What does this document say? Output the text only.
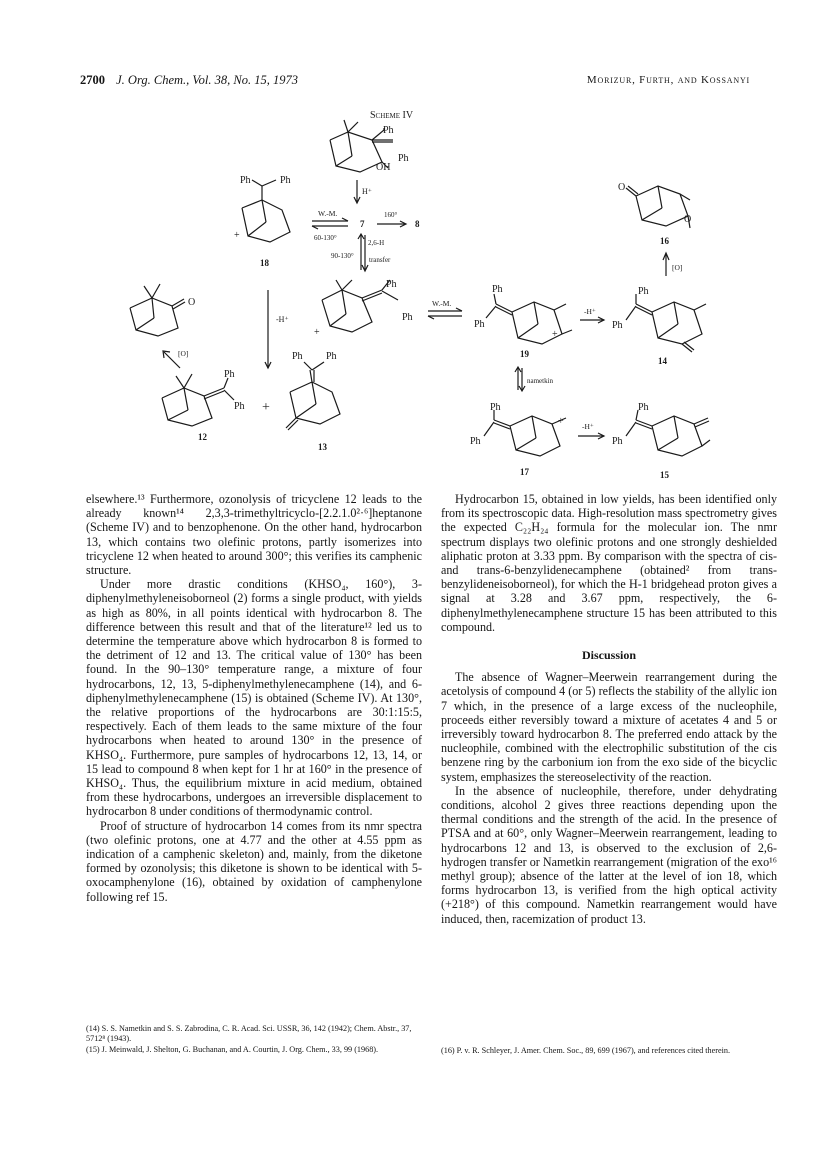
2700 J. Org. Chem., Vol. 38, No. 15, 1973	Morizur, Furth, and Kossanyi
Scheme IV
Ph
Ph
OH
H⁺
Ph	Ph
+
18
W.-M.
60-130°
7
160°
8
2,6-H
transfer
90-130°
Ph
Ph
+
-H⁺
O
[O]
Ph
Ph
12
+
Ph Ph
13
W.-M.
Ph
Ph
+
19
-H⁺
Ph
Ph
14
[O]
O
O
16
nametkin
Ph
Ph
+
17
-H⁺
Ph
Ph
15

elsewhere.¹³ Furthermore, ozonolysis of tricyclene 12 leads to the already known¹⁴ 2,3,3-trimethyltricyclo-[2.2.1.0²·⁶]heptanone (Scheme IV) and to benzophenone. On the other hand, hydrocarbon 13, which contains two olefinic protons, partly isomerizes into tricyclene 12 when heated to around 300°; this verifies its camphenic structure.

Under more drastic conditions (KHSO₄, 160°), 3-diphenylmethyleneisoborneol (2) forms a single product, with yields as high as 80%, in all points identical with hydrocarbon 8. The difference between this result and that of the literature¹² led us to determine the temperature above which hydrocarbon 8 is formed to the detriment of 12 and 13. The critical value of 130° has been found. In the 90–130° temperature range, a mixture of four hydrocarbons, 12, 13, 5-diphenylmethylenecamphene (14), and 6-diphenylmethylenecamphene (15) is obtained (Scheme IV). At 130°, the relative proportions of the hydrocarbons are 30:1:15:5, respectively. Each of them leads to the same mixture of the four hydrocarbons when heated to around 130° in the presence of KHSO₄. Furthermore, pure samples of hydrocarbons 12, 13, 14, or 15 lead to compound 8 when kept for 1 hr at 160° in the presence of KHSO₄. Thus, the equilibrium mixture in acid medium, obtained from these hydrocarbons, undergoes an irreversible displacement to hydrocarbon 8 under conditions of thermodynamic control.

Proof of structure of hydrocarbon 14 comes from its nmr spectra (two olefinic protons, one at 4.77 and the other at 4.55 ppm as indication of a camphenic skeleton) and, mainly, from the diketone formed by ozonolysis; this diketone is shown to be identical with 5-oxocamphenylone (16), obtained by oxidation of camphenylone following ref 15.

Hydrocarbon 15, obtained in low yields, has been identified only from its spectroscopic data. High-resolution mass spectrometry gives the expected C₂₂H₂₄ formula for the molecular ion. The nmr spectrum displays two olefinic protons and one strongly deshielded aliphatic proton at 3.33 ppm. By comparison with the spectra of cis- and trans-6-benzylidenecamphene (obtained² from trans-benzylideneisoborneol), for which the H-1 bridgehead proton gives a signal at 3.28 and 3.67 ppm, respectively, the 6-diphenylmethylenecamphene structure 15 has been attributed to this compound.

Discussion

The absence of Wagner–Meerwein rearrangement during the acetolysis of compound 4 (or 5) reflects the stability of the allylic ion 7 which, in the presence of a large excess of the nucleophile, proceeds either reversibly toward a mixture of acetates 4 and 5 or irreversibly toward hydrocarbon 8. The preferred endo attack by the nucleophile, combined with the electrophilic substitution of the cis benzene ring by the carbonium ion from the exo side of the bicyclic system, emphasizes the stereoselectivity of the reaction.

In the absence of nucleophile, therefore, under dehydrating conditions, alcohol 2 gives three reactions depending upon the thermal conditions and the strength of the acid. In the presence of PTSA and at 60°, only Wagner–Meerwein rearrangement, leading to hydrocarbons 12 and 13, is observed to the exclusion of 2,6-hydrogen transfer or Nametkin rearrangement (migration of the exo¹⁶ methyl group); absence of the latter at the level of ion 18, which forms hydrocarbon 13, is verified from the high optical activity (+218°) of this compound. Nametkin rearrangement would have induced, then, racemization of product 13.

(14) S. S. Nametkin and S. S. Zabrodina, C. R. Acad. Sci. USSR, 36, 142 (1942); Chem. Abstr., 37, 5712⁸ (1943).

(15) J. Meinwald, J. Shelton, G. Buchanan, and A. Courtin, J. Org. Chem., 33, 99 (1968).	(16) P. v. R. Schleyer, J. Amer. Chem. Soc., 89, 699 (1967), and references cited therein.
